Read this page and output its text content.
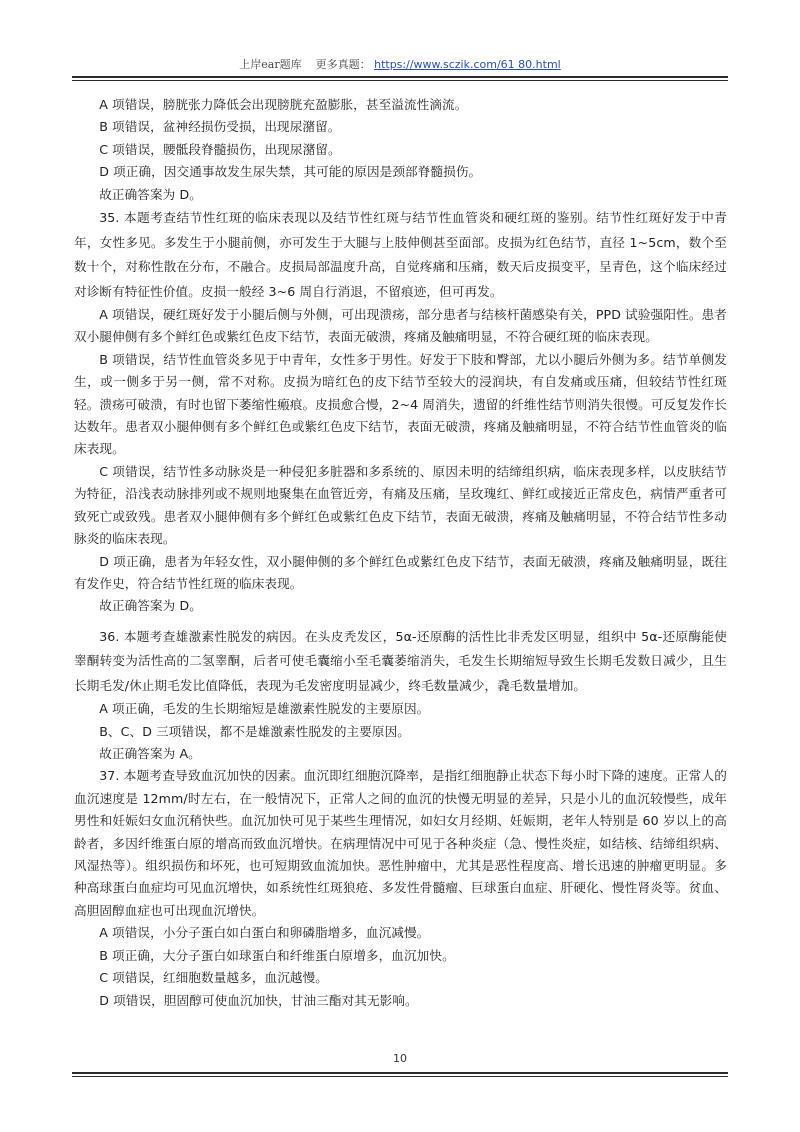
上岸ear题库 更多真题： https://www.sczik.com/61 80.html

A 项错误，膀胱张力降低会出现膀胱充盈膨胀，甚至溢流性滴流。

B 项错误，盆神经损伤受损，出现尿潴留。

C 项错误，腰骶段脊髓损伤，出现尿潴留。

D 项正确，因交通事故发生尿失禁，其可能的原因是颈部脊髓损伤。

故正确答案为 D。

35. 本题考查结节性红斑的临床表现以及结节性红斑与结节性血管炎和硬红斑的鉴别。结节性红斑好发于中青年，女性多见。多发生于小腿前侧，亦可发生于大腿与上肢伸侧甚至面部。皮损为红色结节，直径 1~5cm，数个至数十个，对称性散在分布，不融合。皮损局部温度升高，自觉疼痛和压痛，数天后皮损变平，呈青色，这个临床经过对诊断有特征性价值。皮损一般经 3~6 周自行消退，不留痕迹，但可再发。

A 项错误，硬红斑好发于小腿后侧与外侧，可出现溃疡，部分患者与结核杆菌感染有关，PPD 试验强阳性。患者双小腿伸侧有多个鲜红色或紫红色皮下结节，表面无破溃，疼痛及触痛明显，不符合硬红斑的临床表现。

B 项错误，结节性血管炎多见于中青年，女性多于男性。好发于下肢和臀部，尤以小腿后外侧为多。结节单侧发生，或一侧多于另一侧，常不对称。皮损为暗红色的皮下结节至较大的浸润块，有自发痛或压痛，但较结节性红斑轻。溃疡可破溃，有时也留下萎缩性瘢痕。皮损愈合慢，2~4 周消失，遗留的纤维性结节则消失很慢。可反复发作长达数年。患者双小腿伸侧有多个鲜红色或紫红色皮下结节，表面无破溃，疼痛及触痛明显，不符合结节性血管炎的临床表现。

C 项错误，结节性多动脉炎是一种侵犯多脏器和多系统的、原因未明的结缔组织病，临床表现多样，以皮肤结节为特征，沿浅表动脉排列或不规则地聚集在血管近旁，有痛及压痛，呈玫瑰红、鲜红或接近正常皮色，病情严重者可致死亡或致残。患者双小腿伸侧有多个鲜红色或紫红色皮下结节，表面无破溃，疼痛及触痛明显，不符合结节性多动脉炎的临床表现。

D 项正确，患者为年轻女性，双小腿伸侧的多个鲜红色或紫红色皮下结节，表面无破溃，疼痛及触痛明显，既往有发作史，符合结节性红斑的临床表现。

故正确答案为 D。

36. 本题考查雄激素性脱发的病因。在头皮秃发区，5α-还原酶的活性比非秃发区明显，组织中 5α-还原酶能使睾酮转变为活性高的二氢睾酮，后者可使毛囊缩小至毛囊萎缩消失，毛发生长期缩短导致生长期毛发数日减少，且生长期毛发/休止期毛发比值降低，表现为毛发密度明显减少，终毛数量减少，毳毛数量增加。

A 项正确，毛发的生长期缩短是雄激素性脱发的主要原因。

B、C、D 三项错误，都不是雄激素性脱发的主要原因。

故正确答案为 A。

37. 本题考查导致血沉加快的因素。血沉即红细胞沉降率，是指红细胞静止状态下每小时下降的速度。正常人的血沉速度是 12mm/时左右，在一般情况下，正常人之间的血沉的快慢无明显的差异，只是小儿的血沉较慢些，成年男性和妊娠妇女血沉稍快些。血沉加快可见于某些生理情况，如妇女月经期、妊娠期，老年人特别是 60 岁以上的高龄者，多因纤维蛋白原的增高而致血沉增快。在病理情况中可见于各种炎症（急、慢性炎症，如结核、结缔组织病、风湿热等）。组织损伤和坏死，也可短期致血流加快。恶性肿瘤中，尤其是恶性程度高、增长迅速的肿瘤更明显。多种高球蛋白血症均可见血沉增快，如系统性红斑狼疮、多发性骨髓瘤、巨球蛋白血症、肝硬化、慢性肾炎等。贫血、高胆固醇血症也可出现血沉增快。

A 项错误，小分子蛋白如白蛋白和卵磷脂增多，血沉减慢。

B 项正确，大分子蛋白如球蛋白和纤维蛋白原增多，血沉加快。

C 项错误，红细胞数量越多，血沉越慢。

D 项错误，胆固醇可使血沉加快，甘油三酯对其无影响。

10
